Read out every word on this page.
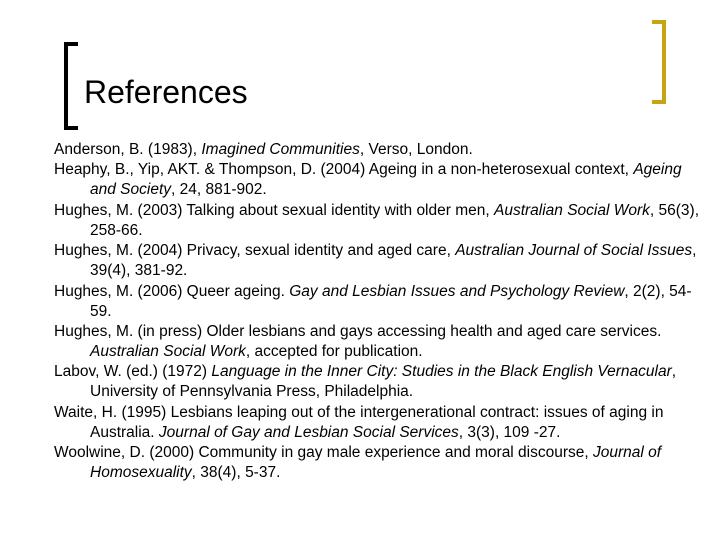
References
Anderson, B. (1983), Imagined Communities, Verso, London.
Heaphy, B., Yip, AKT. & Thompson, D. (2004) Ageing in a non-heterosexual context, Ageing and Society, 24, 881-902.
Hughes, M. (2003) Talking about sexual identity with older men, Australian Social Work, 56(3), 258-66.
Hughes, M. (2004) Privacy, sexual identity and aged care, Australian Journal of Social Issues, 39(4), 381-92.
Hughes, M. (2006) Queer ageing. Gay and Lesbian Issues and Psychology Review, 2(2), 54-59.
Hughes, M. (in press) Older lesbians and gays accessing health and aged care services. Australian Social Work, accepted for publication.
Labov, W. (ed.) (1972) Language in the Inner City: Studies in the Black English Vernacular, University of Pennsylvania Press, Philadelphia.
Waite, H. (1995) Lesbians leaping out of the intergenerational contract: issues of aging in Australia. Journal of Gay and Lesbian Social Services, 3(3), 109 -27.
Woolwine, D. (2000) Community in gay male experience and moral discourse, Journal of Homosexuality, 38(4), 5-37.
